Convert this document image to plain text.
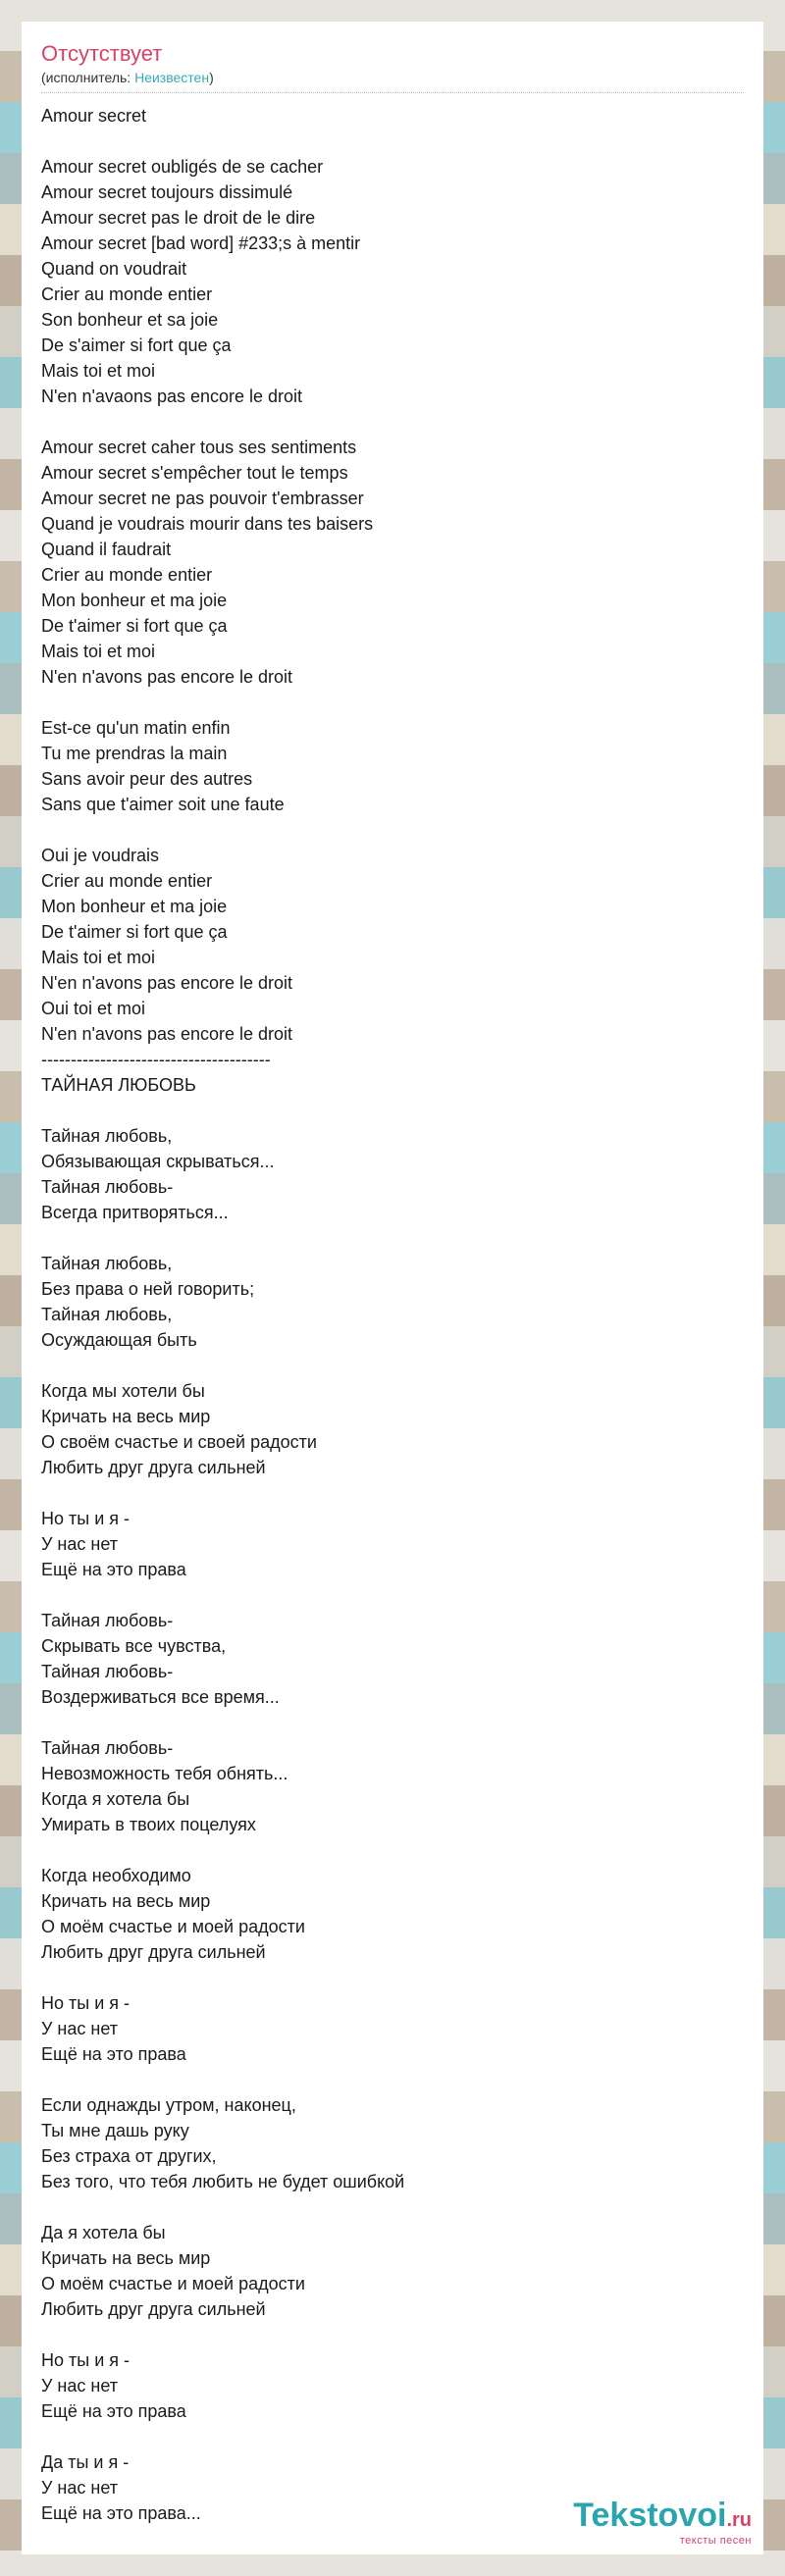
Отсутствует
(исполнитель: Неизвестен)
Amour secret
Amour secret oubligés de se cacher
Amour secret toujours dissimulé
Amour secret pas le droit de le dire
Amour secret [bad word] #233;s à mentir
Quand on voudrait
Crier au monde entier
Son bonheur et sa joie
De s'aimer si fort que ça
Mais toi et moi
N'en n'avaons pas encore le droit
Amour secret caher tous ses sentiments
Amour secret s'empêcher tout le temps
Amour secret ne pas pouvoir t'embrasser
Quand je voudrais mourir dans tes baisers
Quand il faudrait
Crier au monde entier
Mon bonheur et ma joie
De t'aimer si fort que ça
Mais toi et moi
N'en n'avons pas encore le droit
Est-ce qu'un matin enfin
Tu me prendras la main
Sans avoir peur des autres
Sans que t'aimer soit une faute
Oui je voudrais
Crier au monde entier
Mon bonheur et ma joie
De t'aimer si fort que ça
Mais toi et moi
N'en n'avons pas encore le droit
Oui toi et moi
N'en n'avons pas encore le droit
---------------------------------------
ТАЙНАЯ ЛЮБОВЬ
Тайная любовь,
Обязывающая скрываться...
Тайная любовь-
Всегда притворяться...
Тайная любовь,
Без права о ней говорить;
Тайная любовь,
Осуждающая быть
Когда мы хотели бы
Кричать на весь мир
О своём счастье и своей радости
Любить друг друга сильней
Но ты и я -
У нас нет
Ещё на это права
Тайная любовь-
Скрывать все чувства,
Тайная любовь-
Воздерживаться все время...
Тайная любовь-
Невозможность тебя обнять...
Когда я хотела бы
Умирать в твоих поцелуях
Когда необходимо
Кричать на весь мир
О моём счастье и моей радости
Любить друг друга сильней
Но ты и я -
У нас нет
Ещё на это права
Если однажды утром, наконец,
Ты мне дашь руку
Без страха от других,
Без того, что тебя любить не будет ошибкой
Да я хотела бы
Кричать на весь мир
О моём счастье и моей радости
Любить друг друга сильней
Но ты и я -
У нас нет
Ещё на это права
Да ты и я -
У нас нет
Ещё на это права...	Tekstovoi.ru
тексты песен
